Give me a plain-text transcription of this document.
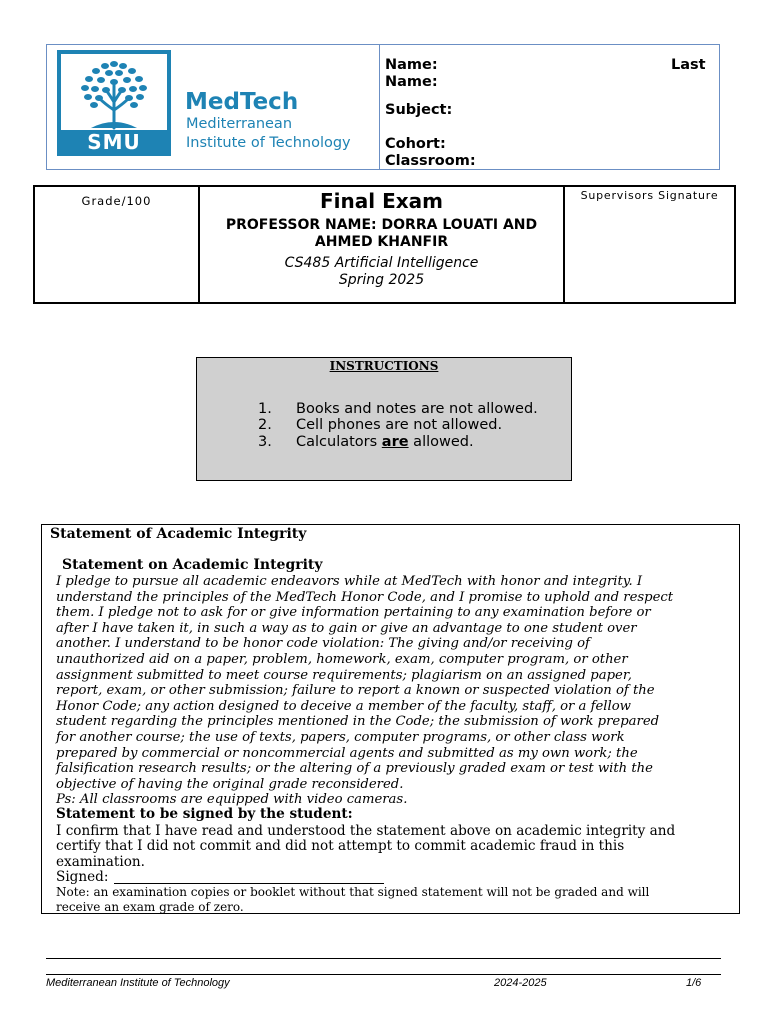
SMU
MedTech
Mediterranean
Institute of Technology
Name:	Last
Name:
Subject:
Cohort:
Classroom:
Grade/100	Final Exam
PROFESSOR NAME: DORRA LOUATI AND
AHMED KHANFIR
CS485 Artificial Intelligence
Spring 2025
Supervisors Signature
INSTRUCTIONS
1. Books and notes are not allowed.
2. Cell phones are not allowed.
3. Calculators are allowed.
Statement of Academic Integrity
Statement on Academic Integrity
I pledge to pursue all academic endeavors while at MedTech with honor and integrity. I
understand the principles of the MedTech Honor Code, and I promise to uphold and respect
them. I pledge not to ask for or give information pertaining to any examination before or
after I have taken it, in such a way as to gain or give an advantage to one student over
another. I understand to be honor code violation: The giving and/or receiving of
unauthorized aid on a paper, problem, homework, exam, computer program, or other
assignment submitted to meet course requirements; plagiarism on an assigned paper,
report, exam, or other submission; failure to report a known or suspected violation of the
Honor Code; any action designed to deceive a member of the faculty, staff, or a fellow
student regarding the principles mentioned in the Code; the submission of work prepared
for another course; the use of texts, papers, computer programs, or other class work
prepared by commercial or noncommercial agents and submitted as my own work; the
falsification research results; or the altering of a previously graded exam or test with the
objective of having the original grade reconsidered.
Ps: All classrooms are equipped with video cameras.
Statement to be signed by the student:
I confirm that I have read and understood the statement above on academic integrity and
certify that I did not commit and did not attempt to commit academic fraud in this
examination.
Signed:
Note: an examination copies or booklet without that signed statement will not be graded and will
receive an exam grade of zero.
Mediterranean Institute of Technology	2024-2025	1/6
